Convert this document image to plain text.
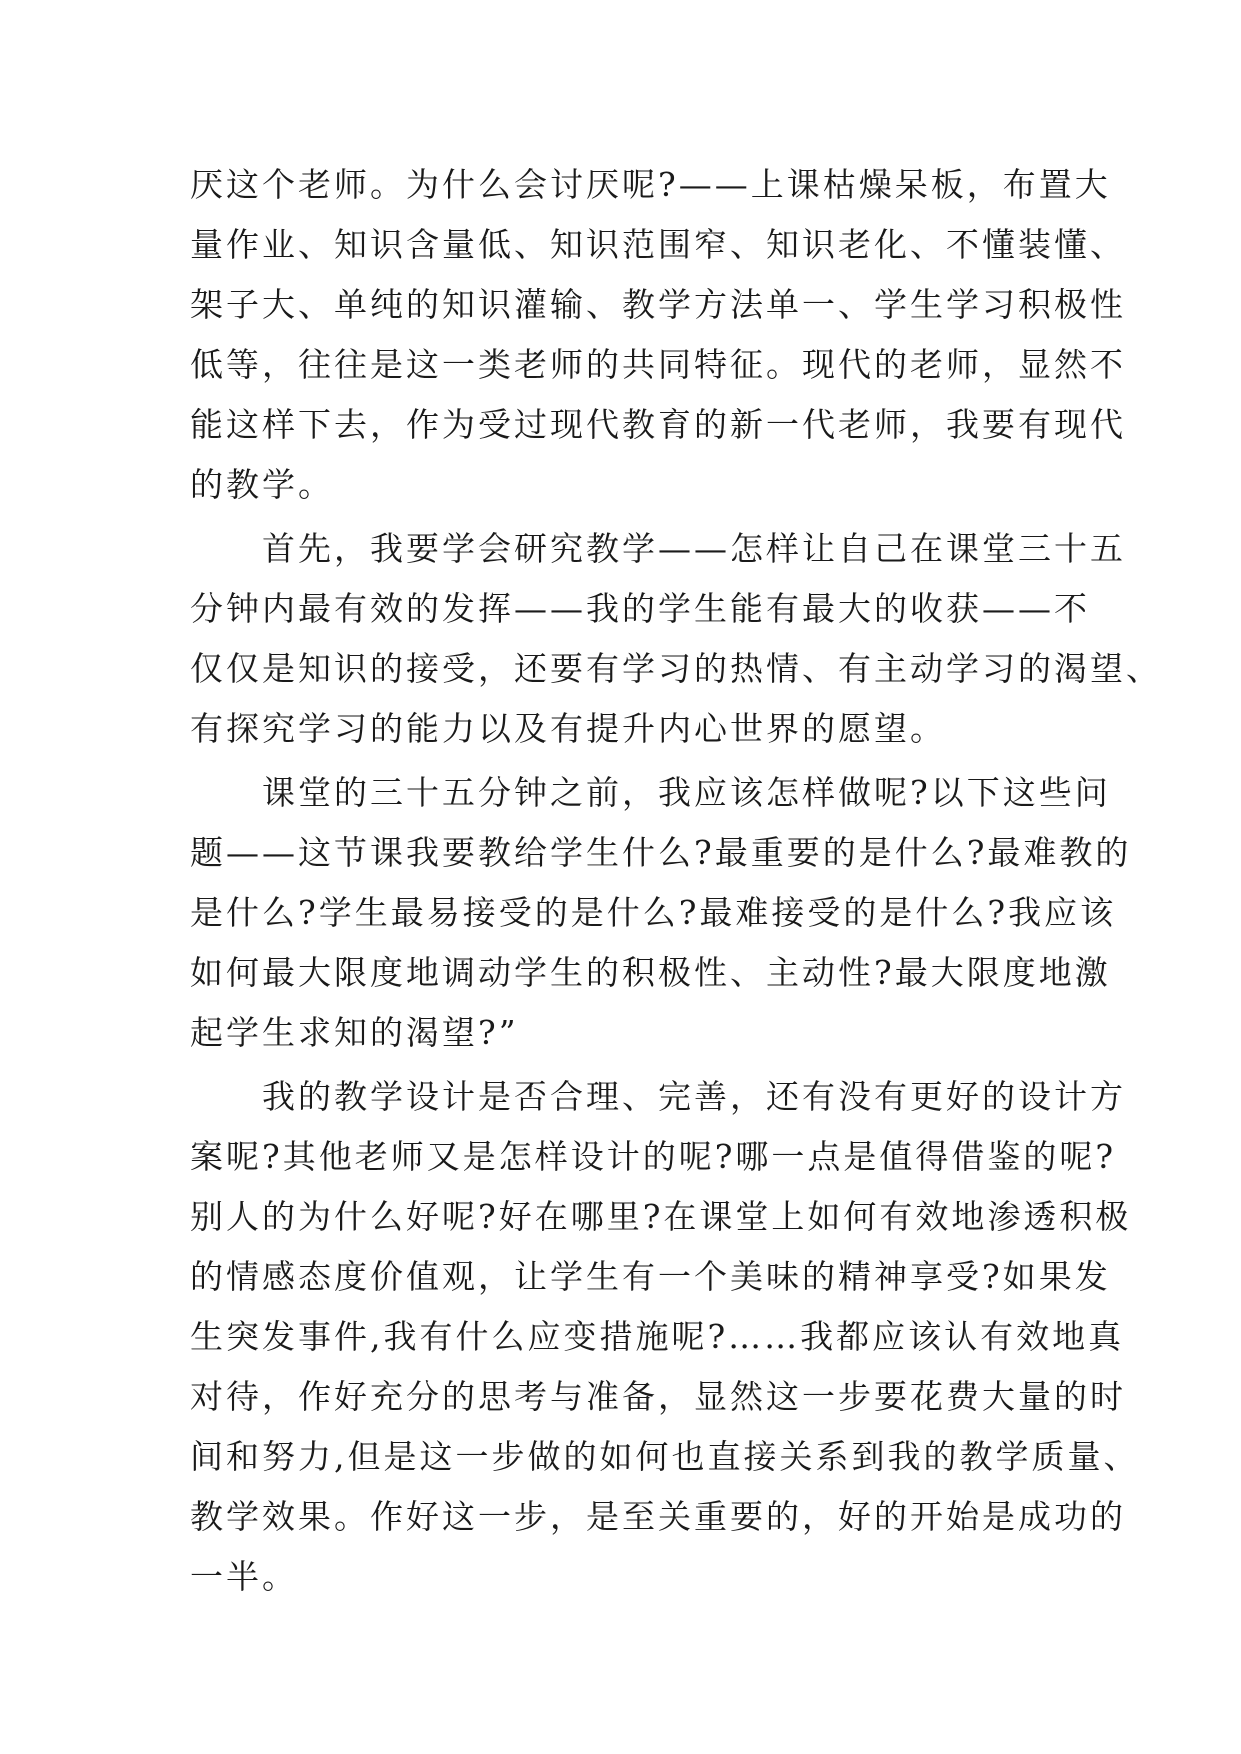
厌这个老师。为什么会讨厌呢?——上课枯燥呆板，布置大
量作业、知识含量低、知识范围窄、知识老化、不懂装懂、
架子大、单纯的知识灌输、教学方法单一、学生学习积极性
低等，往往是这一类老师的共同特征。现代的老师，显然不
能这样下去，作为受过现代教育的新一代老师，我要有现代
的教学。
　　首先，我要学会研究教学——怎样让自己在课堂三十五
分钟内最有效的发挥——我的学生能有最大的收获——不
仅仅是知识的接受，还要有学习的热情、有主动学习的渴望、
有探究学习的能力以及有提升内心世界的愿望。
　　课堂的三十五分钟之前，我应该怎样做呢?以下这些问
题——这节课我要教给学生什么?最重要的是什么?最难教的
是什么?学生最易接受的是什么?最难接受的是什么?我应该
如何最大限度地调动学生的积极性、主动性?最大限度地激
起学生求知的渴望?”
　　我的教学设计是否合理、完善，还有没有更好的设计方
案呢?其他老师又是怎样设计的呢?哪一点是值得借鉴的呢?
别人的为什么好呢?好在哪里?在课堂上如何有效地渗透积极
的情感态度价值观，让学生有一个美味的精神享受?如果发
生突发事件,我有什么应变措施呢?……我都应该认有效地真
对待，作好充分的思考与准备，显然这一步要花费大量的时
间和努力,但是这一步做的如何也直接关系到我的教学质量、
教学效果。作好这一步，是至关重要的，好的开始是成功的
一半。
